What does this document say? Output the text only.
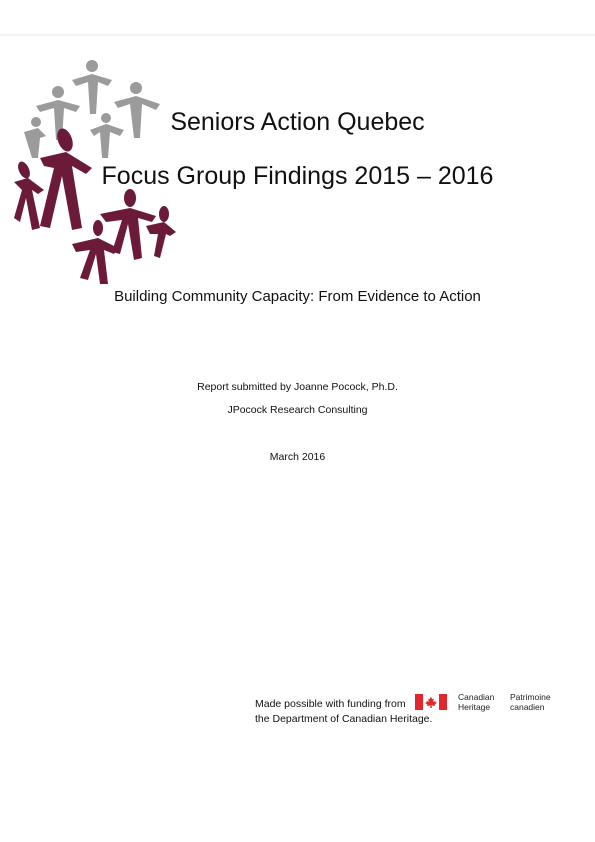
Seniors Action Quebec
Focus Group Findings 2015 – 2016
Building Community Capacity: From Evidence to Action
Report submitted by Joanne Pocock, Ph.D.
JPocock Research Consulting
March 2016
Made possible with funding from
the Department of Canadian Heritage.
Canadian
Heritage
Patrimoine
canadien
